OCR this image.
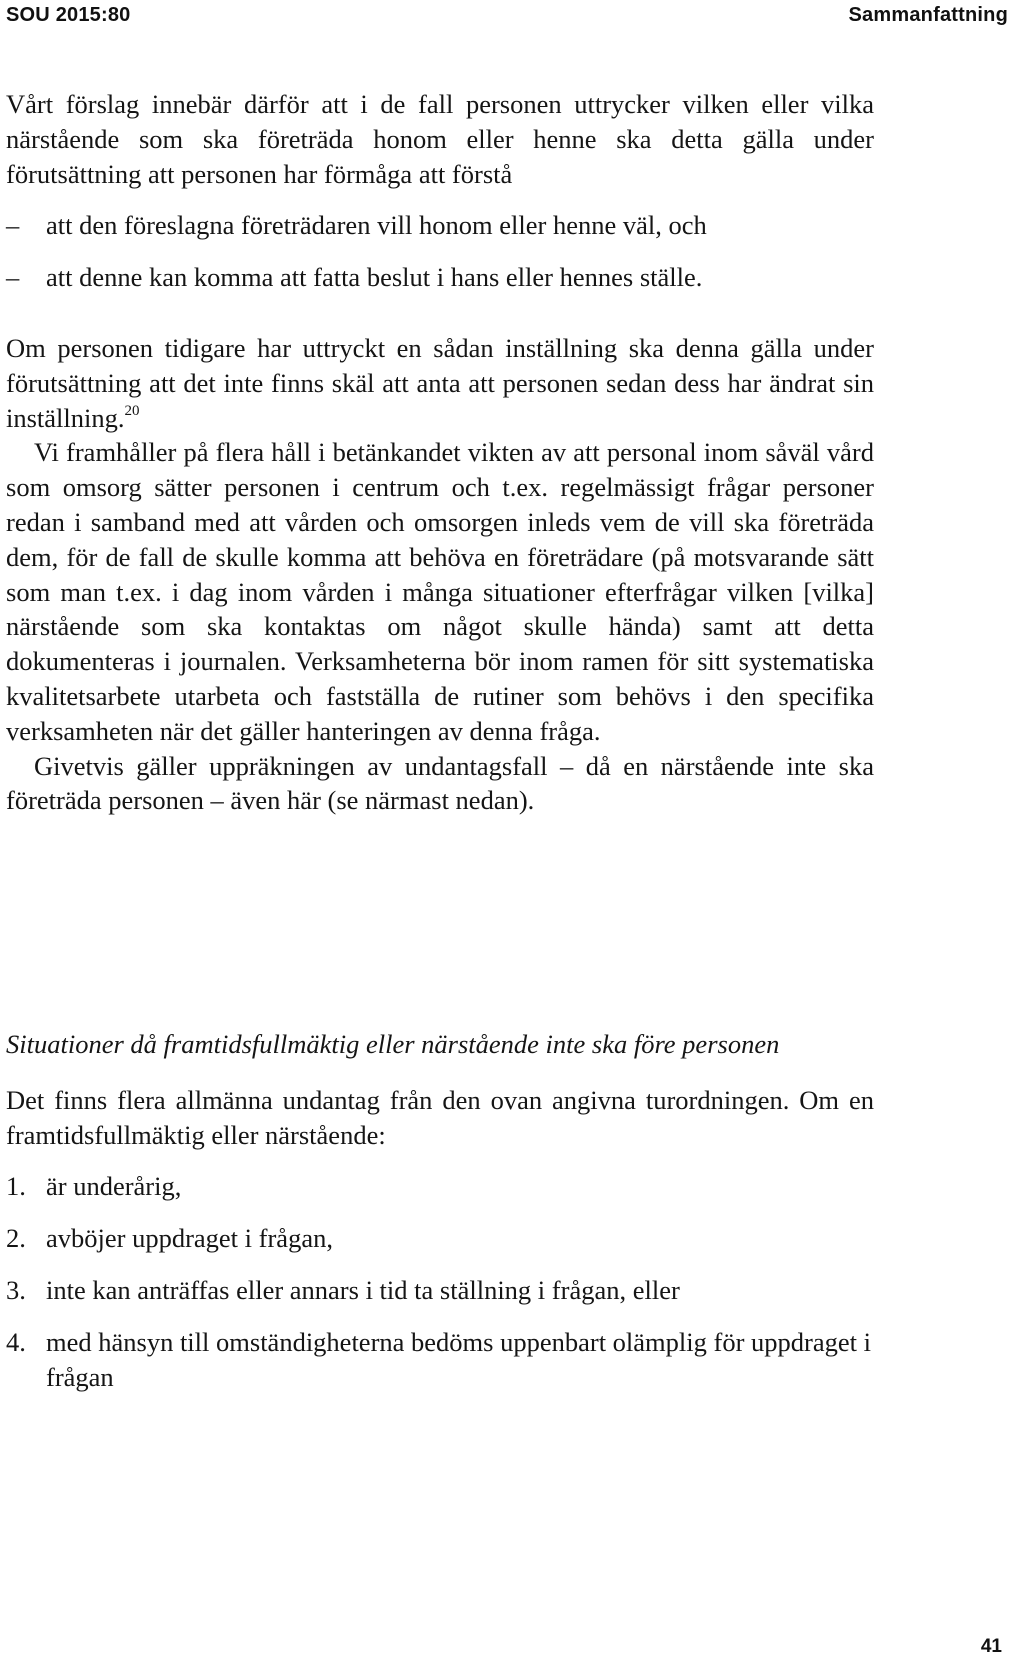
SOU 2015:80	Sammanfattning

Vårt förslag innebär därför att i de fall personen uttrycker vilken eller vilka närstående som ska företräda honom eller henne ska detta gälla under förutsättning att personen har förmåga att förstå

– att den föreslagna företrädaren vill honom eller henne väl, och
– att denne kan komma att fatta beslut i hans eller hennes ställe.

Om personen tidigare har uttryckt en sådan inställning ska denna gälla under förutsättning att det inte finns skäl att anta att personen sedan dess har ändrat sin inställning.$^{20}$

Vi framhåller på flera håll i betänkandet vikten av att personal inom såväl vård som omsorg sätter personen i centrum och t.ex. regelmässigt frågar personer redan i samband med att vården och omsorgen inleds vem de vill ska företräda dem, för de fall de skulle komma att behöva en företrädare (på motsvarande sätt som man t.ex. i dag inom vården i många situationer efterfrågar vilken [vilka] närstående som ska kontaktas om något skulle hända) samt att detta dokumenteras i journalen. Verksamheterna bör inom ramen för sitt systematiska kvalitetsarbete utarbeta och fastställa de rutiner som behövs i den specifika verksamheten när det gäller hanteringen av denna fråga.

Givetvis gäller uppräkningen av undantagsfall – då en närstående inte ska företräda personen – även här (se närmast nedan).

Situationer då framtidsfullmäktig eller närstående inte ska före personen

Det finns flera allmänna undantag från den ovan angivna turordningen. Om en framtidsfullmäktig eller närstående:

1. är underårig,
2. avböjer uppdraget i frågan,
3. inte kan anträffas eller annars i tid ta ställning i frågan, eller
4. med hänsyn till omständigheterna bedöms uppenbart olämplig för uppdraget i frågan
41
